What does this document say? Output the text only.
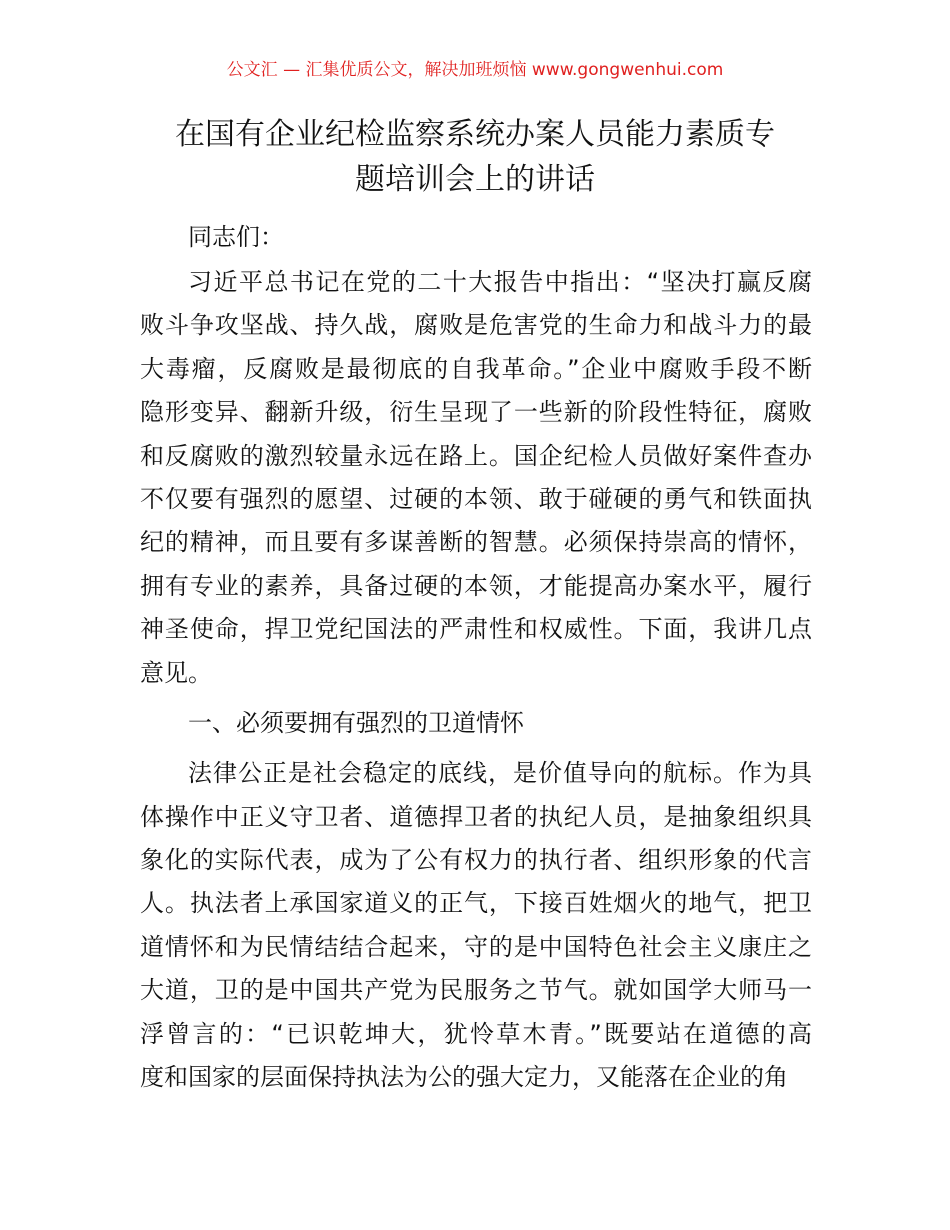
公文汇 — 汇集优质公文，解决加班烦恼 www.gongwenhui.com
在国有企业纪检监察系统办案人员能力素质专
题培训会上的讲话
同志们：
习近平总书记在党的二十大报告中指出：“坚决打赢反腐
败斗争攻坚战、持久战，腐败是危害党的生命力和战斗力的最
大毒瘤，反腐败是最彻底的自我革命。”企业中腐败手段不断
隐形变异、翻新升级，衍生呈现了一些新的阶段性特征，腐败
和反腐败的激烈较量永远在路上。国企纪检人员做好案件查办
不仅要有强烈的愿望、过硬的本领、敢于碰硬的勇气和铁面执
纪的精神，而且要有多谋善断的智慧。必须保持崇高的情怀，
拥有专业的素养，具备过硬的本领，才能提高办案水平，履行
神圣使命，捍卫党纪国法的严肃性和权威性。下面，我讲几点
意见。
一、必须要拥有强烈的卫道情怀
法律公正是社会稳定的底线，是价值导向的航标。作为具
体操作中正义守卫者、道德捍卫者的执纪人员，是抽象组织具
象化的实际代表，成为了公有权力的执行者、组织形象的代言
人。执法者上承国家道义的正气，下接百姓烟火的地气，把卫
道情怀和为民情结结合起来，守的是中国特色社会主义康庄之
大道，卫的是中国共产党为民服务之节气。就如国学大师马一
浮曾言的：“已识乾坤大，犹怜草木青。”既要站在道德的高
度和国家的层面保持执法为公的强大定力，又能落在企业的角
